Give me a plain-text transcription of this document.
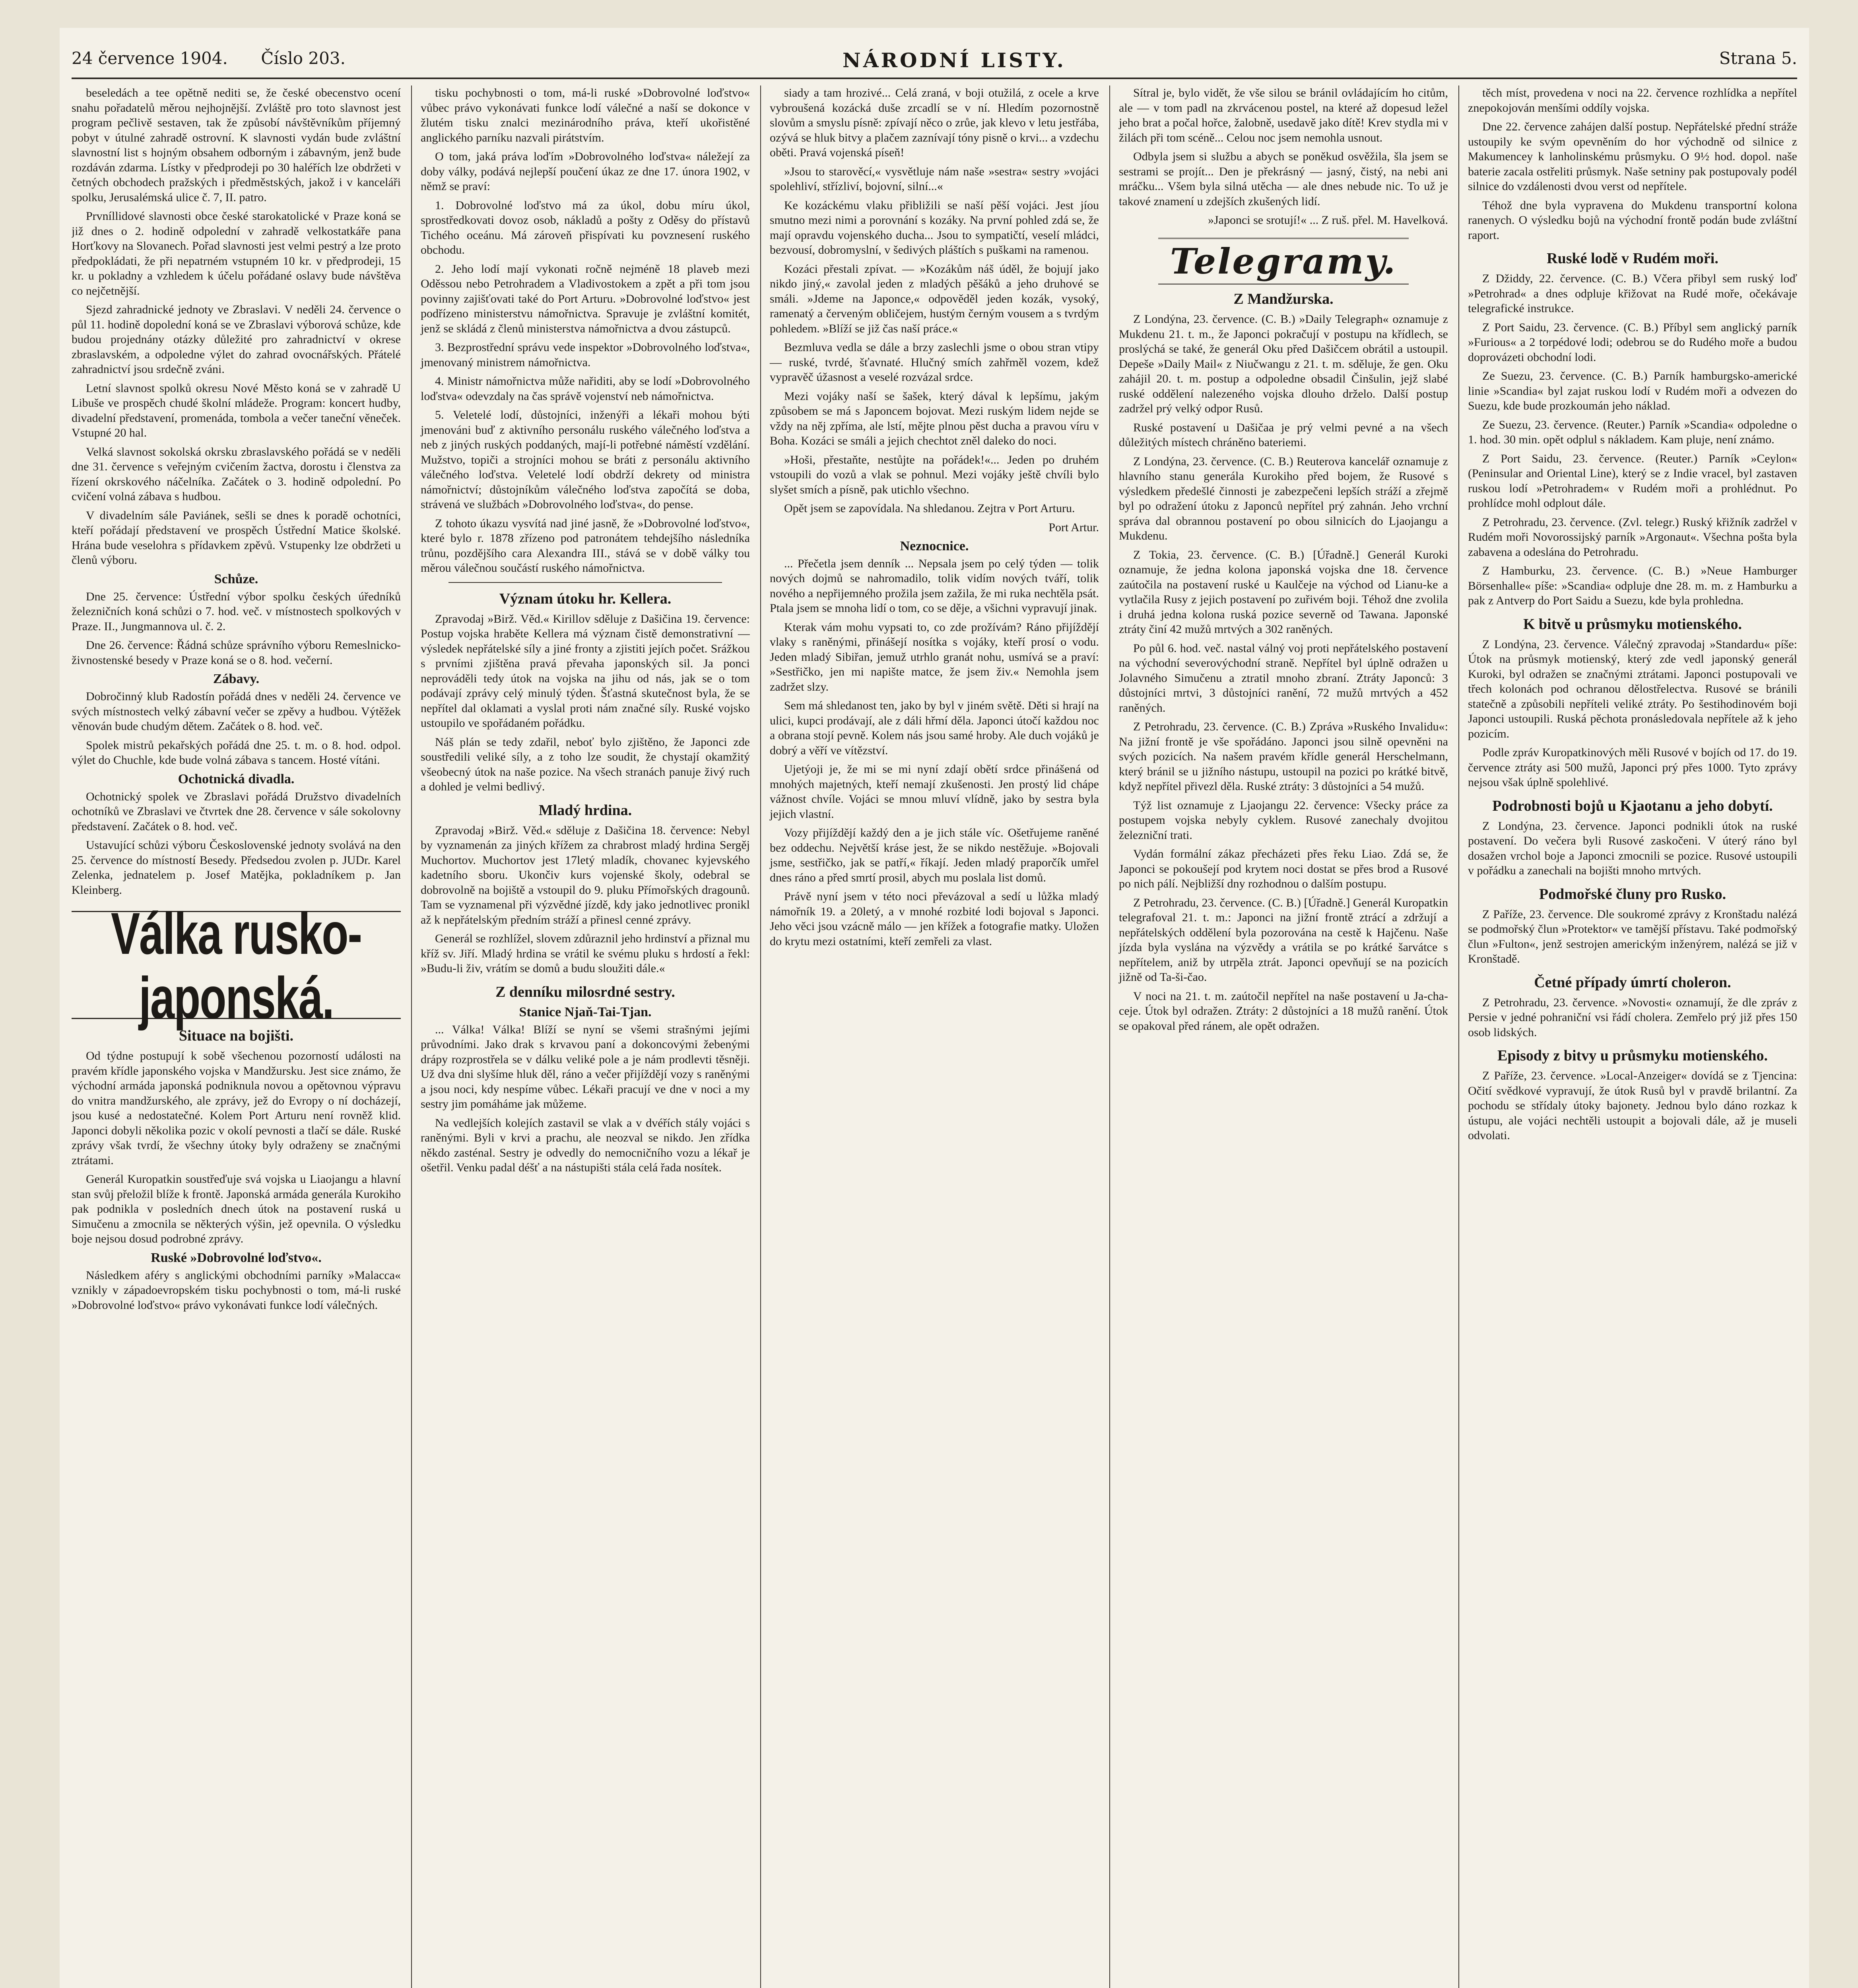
24 července 1904. Číslo 203.	NÁRODNÍ LISTY.	Strana 5.

beseledách a tee opětně nediti se, že české obecenstvo ocení snahu pořadatelů měrou nejhojnější. Zvláště pro toto slavnost jest program pečlivě sestaven, tak že způsobí návštěvníkům příjemný pobyt v útulné zahradě ostrovní. K slavnosti vydán bude zvláštní slavnostní list s hojným obsahem odborným i zábavným, jenž bude rozdáván zdarma. Lístky v předprodeji po 30 haléřích lze obdržeti v četných obchodech pražských i předměstských, jakož i v kanceláři spolku, Jerusalémská ulice č. 7, II. patro.

Prvníllidové slavnosti obce české starokatolické v Praze koná se již dnes o 2. hodině odpolední v zahradě velkostatkáře pana Horťkovy na Slovanech. Pořad slavnosti jest velmi pestrý a lze proto předpokládati, že při nepatrném vstupném 10 kr. v předprodeji, 15 kr. u pokladny a vzhledem k účelu pořádané oslavy bude návštěva co nejčetnější.

Sjezd zahradnické jednoty ve Zbraslavi. V neděli 24. července o půl 11. hodině dopolední koná se ve Zbraslavi výborová schůze, kde budou projednány otázky důležité pro zahradnictví v okrese zbraslavském, a odpoledne výlet do zahrad ovocnářských. Přátelé zahradnictví jsou srdečně zváni.

Letní slavnost spolků okresu Nové Město koná se v zahradě U Libuše ve prospěch chudé školní mládeže. Program: koncert hudby, divadelní představení, promenáda, tombola a večer taneční věneček. Vstupné 20 hal.

Velká slavnost sokolská okrsku zbraslavského pořádá se v neděli dne 31. července s veřejným cvičením žactva, dorostu i členstva za řízení okrskového náčelníka. Začátek o 3. hodině odpolední. Po cvičení volná zábava s hudbou.

V divadelním sále Paviánek, sešli se dnes k poradě ochotníci, kteří pořádají představení ve prospěch Ústřední Matice školské. Hrána bude veselohra s přídavkem zpěvů. Vstupenky lze obdržeti u členů výboru.

Schůze.

Dne 25. července: Ústřední výbor spolku českých úředníků železničních koná schůzi o 7. hod. več. v místnostech spolkových v Praze. II., Jungmannova ul. č. 2.

Dne 26. července: Řádná schůze správního výboru Remeslnicko-živnostenské besedy v Praze koná se o 8. hod. večerní.

Zábavy.

Dobročinný klub Radostín pořádá dnes v neděli 24. července ve svých místnostech velký zábavní večer se zpěvy a hudbou. Výtěžek věnován bude chudým dětem. Začátek o 8. hod. več.

Spolek mistrů pekařských pořádá dne 25. t. m. o 8. hod. odpol. výlet do Chuchle, kde bude volná zábava s tancem. Hosté vítáni.

Ochotnická divadla.

Ochotnický spolek ve Zbraslavi pořádá Družstvo divadelních ochotníků ve Zbraslavi ve čtvrtek dne 28. července v sále sokolovny představení. Začátek o 8. hod. več.

Ustavující schůzi výboru Československé jednoty svolává na den 25. července do místností Besedy. Předsedou zvolen p. JUDr. Karel Zelenka, jednatelem p. Josef Matějka, pokladníkem p. Jan Kleinberg.

Válka rusko-japonská.
Situace na bojišti.

Od týdne postupují k sobě všechenou pozorností události na pravém křídle japonského vojska v Mandžursku. Jest sice známo, že východní armáda japonská podniknula novou a opětovnou výpravu do vnitra mandžurského, ale zprávy, jež do Evropy o ní docházejí, jsou kusé a nedostatečné. Kolem Port Arturu není rovněž klid. Japonci dobyli několika pozic v okolí pevnosti a tlačí se dále. Ruské zprávy však tvrdí, že všechny útoky byly odraženy se značnými ztrátami.

Generál Kuropatkin soustřeďuje svá vojska u Liaojangu a hlavní stan svůj přeložil blíže k frontě. Japonská armáda generála Kurokiho pak podnikla v posledních dnech útok na postavení ruská u Simučenu a zmocnila se některých výšin, jež opevnila. O výsledku boje nejsou dosud podrobné zprávy.

Ruské »Dobrovolné loďstvo«.

Následkem aféry s anglickými obchodními parníky »Malacca« vznikly v západoevropském tisku pochybnosti o tom, má-li ruské »Dobrovolné loďstvo« právo vykonávati funkce lodí válečných.

tisku pochybnosti o tom, má-li ruské »Dobrovolné loďstvo« vůbec právo vykonávati funkce lodí válečné a naší se dokonce v žlutém tisku znalci mezinárodního práva, kteří ukořistěné anglického parníku nazvali pirátstvím.

O tom, jaká práva loďím »Dobrovolného loďstva« náležejí za doby války, podává nejlepší poučení úkaz ze dne 17. února 1902, v němž se praví:

1. Dobrovolné loďstvo má za úkol, dobu míru úkol, sprostředkovati dovoz osob, nákladů a pošty z Oděsy do přístavů Tichého oceánu. Má zároveň přispívati ku povznesení ruského obchodu.

2. Jeho lodí mají vykonati ročně nejméně 18 plaveb mezi Oděssou nebo Petrohradem a Vladivostokem a zpět a při tom jsou povinny zajišťovati také do Port Arturu. »Dobrovolné loďstvo« jest podřízeno ministerstvu námořnictva. Spravuje je zvláštní komitét, jenž se skládá z členů ministerstva námořnictva a dvou zástupců.

3. Bezprostřední správu vede inspektor »Dobrovolného loďstva«, jmenovaný ministrem námořnictva.

4. Ministr námořnictva může nařiditi, aby se lodí »Dobrovolného loďstva« odevzdaly na čas správě vojenství neb námořnictva.

5. Veletelé lodí, důstojníci, inženýři a lékaři mohou býti jmenováni buď z aktivního personálu ruského válečného loďstva a neb z jiných ruských poddaných, mají-li potřebné náměstí vzdělání. Mužstvo, topiči a strojníci mohou se bráti z personálu aktivního válečného loďstva. Veletelé lodí obdrží dekrety od ministra námořnictví; důstojníkům válečného loďstva započítá se doba, strávená ve službách »Dobrovolného loďstva«, do pense.

Z tohoto úkazu vysvítá nad jiné jasně, že »Dobrovolné loďstvo«, které bylo r. 1878 zřízeno pod patronátem tehdejšího následníka trůnu, pozdějšího cara Alexandra III., stává se v době války tou měrou válečnou součástí ruského námořnictva.

Význam útoku hr. Kellera.

Zpravodaj »Birž. Věd.« Kirillov sděluje z Dašičina 19. července: Postup vojska hraběte Kellera má význam čistě demonstrativní — výsledek nepřátelské síly a jiné fronty a zjistiti jejích počet. Srážkou s prvními zjištěna pravá převaha japonských sil. Ja ponci neprováděli tedy útok na vojska na jihu od nás, jak se o tom podávají zprávy celý minulý týden. Šťastná skutečnost byla, že se nepřítel dal oklamati a vyslal proti nám značné síly. Ruské vojsko ustoupilo ve spořádaném pořádku.

Náš plán se tedy zdařil, neboť bylo zjištěno, že Japonci zde soustředili veliké síly, a z toho lze soudit, že chystají okamžitý všeobecný útok na naše pozice. Na všech stranách panuje živý ruch a dohled je velmi bedlivý.

Mladý hrdina.

Zpravodaj »Birž. Věd.« sděluje z Dašičina 18. července: Nebyl by vyznamenán za jiných křížem za chrabrost mladý hrdina Sergěj Muchortov. Muchortov jest 17letý mladík, chovanec kyjevského kadetního sboru. Ukončiv kurs vojenské školy, odebral se dobrovolně na bojiště a vstoupil do 9. pluku Přímořských dragounů. Tam se vyznamenal při výzvědné jízdě, kdy jako jednotlivec pronikl až k nepřátelským předním stráží a přinesl cenné zprávy.

Generál se rozhlížel, slovem zdůraznil jeho hrdinství a přiznal mu kříž sv. Jiří. Mladý hrdina se vrátil ke svému pluku s hrdostí a řekl: »Budu-li živ, vrátím se domů a budu sloužiti dále.«

Z denníku milosrdné sestry.
Stanice Njaň-Tai-Tjan.

... Válka! Válka! Blíží se nyní se všemi strašnými jejími průvodními. Jako drak s krvavou paní a dokoncovými žebenými drápy rozprostřela se v dálku veliké pole a je nám prodlevti těsněji. Už dva dni slyšíme hluk děl, ráno a večer přijíždějí vozy s raněnými a jsou noci, kdy nespíme vůbec. Lékaři pracují ve dne v noci a my sestry jim pomáháme jak můžeme.

Na vedlejších kolejích zastavil se vlak a v dvéřích stály vojáci s raněnými. Byli v krvi a prachu, ale neozval se nikdo. Jen zřídka někdo zasténal. Sestry je odvedly do nemocničního vozu a lékař je ošetřil. Venku padal déšť a na nástupišti stála celá řada nosítek.

siady a tam hrozivé... Celá zraná, v boji otužilá, z ocele a krve vybroušená kozácká duše zrcadlí se v ní. Hledím pozornostně slovům a smyslu písně: zpívají něco o zrůe, jak klevo v letu jestřába, ozývá se hluk bitvy a plačem zaznívají tóny pisně o krvi... a vzdechu oběti. Pravá vojenská píseň!

»Jsou to starověcí,« vysvětluje nám naše »sestra« sestry »vojáci spolehliví, střízliví, bojovní, silní...«

Ke kozáckému vlaku přibližili se naší pěší vojáci. Jest jíou smutno mezi nimi a porovnání s kozáky. Na první pohled zdá se, že mají opravdu vojenského ducha... Jsou to sympatičtí, veselí mládci, bezvousí, dobromyslní, v šedivých pláštích s puškami na ramenou.

Kozáci přestali zpívat. — »Kozákům náš úděl, že bojují jako nikdo jiný,« zavolal jeden z mladých pěšáků a jeho druhové se smáli. »Jdeme na Japonce,« odpověděl jeden kozák, vysoký, ramenatý a červeným obličejem, hustým černým vousem a s tvrdým pohledem. »Blíží se již čas naší práce.«

Bezmluva vedla se dále a brzy zaslechli jsme o obou stran vtipy — ruské, tvrdé, šťavnaté. Hlučný smích zahřměl vozem, kdež vypravěč úžasnost a veselé rozvázal srdce.

Mezi vojáky naší se šašek, který dával k lepšímu, jakým způsobem se má s Japoncem bojovat. Mezi ruským lidem nejde se vždy na něj zpříma, ale lstí, mějte plnou pěst ducha a pravou víru v Boha. Kozáci se smáli a jejich chechtot zněl daleko do noci.

»Hoši, přestaňte, nestůjte na pořádek!«... Jeden po druhém vstoupili do vozů a vlak se pohnul. Mezi vojáky ještě chvíli bylo slyšet smích a písně, pak utichlo všechno.

Opět jsem se zapovídala. Na shledanou. Zejtra v Port Arturu.

Port Artur.

Neznocnice.

... Přečetla jsem denník ... Nepsala jsem po celý týden — tolik nových dojmů se nahromadilo, tolik vidím nových tváří, tolik nového a nepřijemného prožila jsem zažila, že mi ruka nechtěla psát. Ptala jsem se mnoha lidí o tom, co se děje, a všichni vypravují jinak.

Kterak vám mohu vypsati to, co zde prožívám? Ráno přijíždějí vlaky s raněnými, přinášejí nosítka s vojáky, kteří prosí o vodu. Jeden mladý Sibiřan, jemuž utrhlo granát nohu, usmívá se a praví: »Sestřičko, jen mi napište matce, že jsem živ.« Nemohla jsem zadržet slzy.

Sem má shledanost ten, jako by byl v jiném světě. Děti si hrají na ulici, kupci prodávají, ale z dáli hřmí děla. Japonci útočí každou noc a obrana stojí pevně. Kolem nás jsou samé hroby. Ale duch vojáků je dobrý a věří ve vítězství.

Ujetýoji je, že mi se mi nyní zdají obětí srdce přinášená od mnohých majetných, kteří nemají zkušenosti. Jen prostý lid chápe vážnost chvíle. Vojáci se mnou mluví vlídně, jako by sestra byla jejich vlastní.

Vozy přijíždějí každý den a je jich stále víc. Ošetřujeme raněné bez oddechu. Největší kráse jest, že se nikdo nestěžuje. »Bojovali jsme, sestřičko, jak se patří,« říkají. Jeden mladý praporčík umřel dnes ráno a před smrtí prosil, abych mu poslala list domů.

Právě nyní jsem v této noci převázoval a sedí u lůžka mladý námořník 19. a 20letý, a v mnohé rozbité lodi bojoval s Japonci. Jeho věci jsou vzácně málo — jen křížek a fotografie matky. Uložen do krytu mezi ostatními, kteří zemřeli za vlast.

Sítral je, bylo vidět, že vše silou se bránil ovládajícím ho citům, ale — v tom padl na zkrvácenou postel, na které až dopesud ležel jeho brat a počal hořce, žalobně, usedavě jako dítě! Krev stydla mi v žilách při tom scéně... Celou noc jsem nemohla usnout.

Odbyla jsem si službu a abych se poněkud osvěžila, šla jsem se sestrami se projít... Den je překrásný — jasný, čistý, na nebi ani mráčku... Všem byla silná utěcha — ale dnes nebude nic. To už je takové znamení u zdejších zkušených lidí.

»Japonci se srotují!« ... Z ruš. přel. M. Havelková.

Telegramy.
Z Mandžurska.

Z Londýna, 23. července. (C. B.) »Daily Telegraph« oznamuje z Mukdenu 21. t. m., že Japonci pokračují v postupu na křídlech, se proslýchá se také, že generál Oku před Dašičcem obrátil a ustoupil. Depeše »Daily Mail« z Niučwangu z 21. t. m. sděluje, že gen. Oku zahájil 20. t. m. postup a odpoledne obsadil Činšulin, jejž slabé ruské oddělení nalezeného vojska dlouho drželo. Další postup zadržel prý velký odpor Rusů.

Ruské postavení u Dašičaa je prý velmi pevné a na všech důležitých místech chráněno bateriemi.

Z Londýna, 23. července. (C. B.) Reuterova kancelář oznamuje z hlavního stanu generála Kurokiho před bojem, že Rusové s výsledkem předešlé činnosti je zabezpečeni lepších stráží a zřejmě byl po odražení útoku z Japonců nepřítel prý zahnán. Jeho vrchní správa dal obrannou postavení po obou silnicích do Ljaojangu a Mukdenu.

Z Tokia, 23. července. (C. B.) [Úřadně.] Generál Kuroki oznamuje, že jedna kolona japonská vojska dne 18. července zaútočila na postavení ruské u Kaulčeje na východ od Lianu-ke a vytlačila Rusy z jejich postavení po zuřivém boji. Téhož dne zvolila i druhá jedna kolona ruská pozice severně od Tawana. Japonské ztráty činí 42 mužů mrtvých a 302 raněných.

Po půl 6. hod. več. nastal válný voj proti nepřátelského postavení na východní severovýchodní straně. Nepřítel byl úplně odražen u Jolavného Simučenu a ztratil mnoho zbraní. Ztráty Japonců: 3 důstojníci mrtvi, 3 důstojníci ranění, 72 mužů mrtvých a 452 raněných.

Z Petrohradu, 23. července. (C. B.) Zpráva »Ruského Invalidu«: Na jižní frontě je vše spořádáno. Japonci jsou silně opevněni na svých pozicích. Na našem pravém křídle generál Herschelmann, který bránil se u jižního nástupu, ustoupil na pozici po krátké bitvě, když nepřítel přivezl děla. Ruské ztráty: 3 důstojníci a 54 mužů.

Týž list oznamuje z Ljaojangu 22. července: Všecky práce za postupem vojska nebyly cyklem. Rusové zanechaly dvojitou železniční trati.

Vydán formální zákaz přecházeti přes řeku Liao. Zdá se, že Japonci se pokoušejí pod krytem noci dostat se přes brod a Rusové po nich pálí. Nejbližší dny rozhodnou o dalším postupu.

Z Petrohradu, 23. července. (C. B.) [Úřadně.] Generál Kuropatkin telegrafoval 21. t. m.: Japonci na jižní frontě ztrácí a zdržují a nepřátelských oddělení byla pozorována na cestě k Hajčenu. Naše jízda byla vyslána na výzvědy a vrátila se po krátké šarvátce s nepřítelem, aniž by utrpěla ztrát. Japonci opevňují se na pozicích jižně od Ta-ši-čao.

V noci na 21. t. m. zaútočil nepřítel na naše postavení u Ja-cha-ceje. Útok byl odražen. Ztráty: 2 důstojníci a 18 mužů ranění. Útok se opakoval před ránem, ale opět odražen.

těch míst, provedena v noci na 22. července rozhlídka a nepřítel znepokojován menšími oddíly vojska.

Dne 22. července zahájen další postup. Nepřátelské přední stráže ustoupily ke svým opevněním do hor východně od silnice z Makumencey k lanholinskému průsmyku. O 9½ hod. dopol. naše baterie zacala ostřeliti průsmyk. Naše setniny pak postupovaly podél silnice do vzdálenosti dvou verst od nepřítele.

Téhož dne byla vypravena do Mukdenu transportní kolona ranenych. O výsledku bojů na východní frontě podán bude zvláštní raport.

Ruské lodě v Rudém moři.

Z Džiddy, 22. července. (C. B.) Včera přibyl sem ruský loď »Petrohrad« a dnes odpluje křižovat na Rudé moře, očekávaje telegrafické instrukce.

Z Port Saidu, 23. července. (C. B.) Příbyl sem anglický parník »Furious« a 2 torpédové lodi; odebrou se do Rudého moře a budou doprovázeti obchodní lodi.

Ze Suezu, 23. července. (C. B.) Parník hamburgsko-americké linie »Scandia« byl zajat ruskou lodí v Rudém moři a odvezen do Suezu, kde bude prozkoumán jeho náklad.

Ze Suezu, 23. července. (Reuter.) Parník »Scandia« odpoledne o 1. hod. 30 min. opět odplul s nákladem. Kam pluje, není známo.

Z Port Saidu, 23. července. (Reuter.) Parník »Ceylon« (Peninsular and Oriental Line), který se z Indie vracel, byl zastaven ruskou lodí »Petrohradem« v Rudém moři a prohlédnut. Po prohlídce mohl odplout dále.

Z Petrohradu, 23. července. (Zvl. telegr.) Ruský křižník zadržel v Rudém moři Novorossijský parník »Argonaut«. Všechna pošta byla zabavena a odeslána do Petrohradu.

Z Hamburku, 23. července. (C. B.) »Neue Hamburger Börsenhalle« píše: »Scandia« odpluje dne 28. m. m. z Hamburku a pak z Antverp do Port Saidu a Suezu, kde byla prohledna.

K bitvě u průsmyku motienského.

Z Londýna, 23. července. Válečný zpravodaj »Standardu« píše: Útok na průsmyk motienský, který zde vedl japonský generál Kuroki, byl odražen se značnými ztrátami. Japonci postupovali ve třech kolonách pod ochranou dělostřelectva. Rusové se bránili statečně a způsobili nepříteli veliké ztráty. Po šestihodinovém boji Japonci ustoupili. Ruská pěchota pronásledovala nepřítele až k jeho pozicím.

Podle zpráv Kuropatkinových měli Rusové v bojích od 17. do 19. července ztráty asi 500 mužů, Japonci prý přes 1000. Tyto zprávy nejsou však úplně spolehlivé.

Podrobnosti bojů u Kjaotanu a jeho dobytí.

Z Londýna, 23. července. Japonci podnikli útok na ruské postavení. Do večera byli Rusové zaskočeni. V úterý ráno byl dosažen vrchol boje a Japonci zmocnili se pozice. Rusové ustoupili v pořádku a zanechali na bojišti mnoho mrtvých.

Podmořské čluny pro Rusko.

Z Paříže, 23. července. Dle soukromé zprávy z Kronštadu nalézá se podmořský člun »Protektor« ve tamější přístavu. Také podmořský člun »Fulton«, jenž sestrojen americkým inženýrem, nalézá se již v Kronštadě.

Četné případy úmrtí choleron.

Z Petrohradu, 23. července. »Novosti« oznamují, že dle zpráv z Persie v jedné pohraniční vsi řádí cholera. Zemřelo prý již přes 150 osob lidských.

Episody z bitvy u průsmyku motienského.

Z Paříže, 23. července. »Local-Anzeiger« dovídá se z Tjencina: Očití svědkové vypravují, že útok Rusů byl v pravdě brilantní. Za pochodu se střídaly útoky bajonety. Jednou bylo dáno rozkaz k ústupu, ale vojáci nechtěli ustoupit a bojovali dále, až je museli odvolati.
